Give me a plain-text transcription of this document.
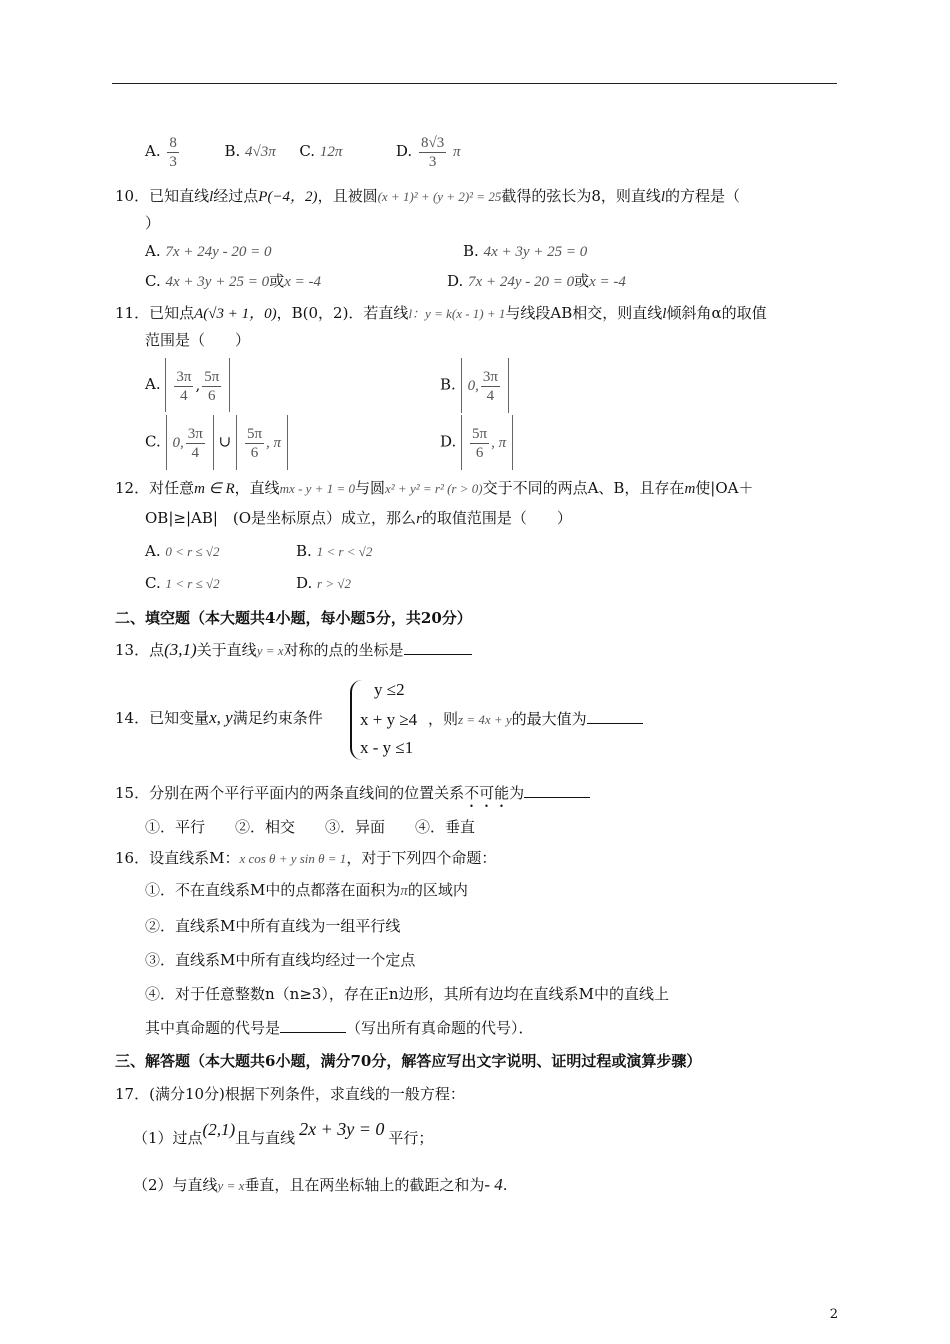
A. $\frac{8}{3}$	B. 4√3π C. 12π	D. $\frac{8√3}{3}$ π
10．已知直线l经过点P(−4，2)，且被圆(x + 1)² + (y + 2)² = 25截得的弦长为8，则直线l的方程是（
）
A. 7x + 24y - 20 = 0	B. 4x + 3y + 25 = 0
C. 4x + 3y + 25 = 0或x = -4	D. 7x + 24y - 20 = 0或x = -4
11．已知点A(√3 + 1，0)，B(0，2)．若直线l：y = k(x - 1) + 1与线段AB相交，则直线l倾斜角α的取值
范围是（　　）
A. $\frac{3\pi}{4}$ , $\frac{5\pi}{6}$	B. 0, $\frac{3\pi}{4}$
C. 0, $\frac{3\pi}{4}$ ∪ $\frac{5\pi}{6}$ , π	D. $\frac{5\pi}{6}$ , π
12．对任意m ∈ R，直线mx - y + 1 = 0与圆x² + y² = r² (r > 0)交于不同的两点A、B，且存在m使|OA＋
OB|≥|AB|　(O是坐标原点）成立，那么r的取值范围是（　　）
A. 0 < r ≤ √2	B. 1 < r < √2
C. 1 < r ≤ √2	D. r > √2
二、填空题（本大题共4小题，每小题5分，共20分）
13．点(3,1)关于直线y = x对称的点的坐标是
14．已知变量x, y满足约束条件
y ≤2
x + y ≥4
x - y ≤1
，则z = 4x + y的最大值为
15．分别在两个平行平面内的两条直线间的位置关系不可能为
①．平行　　②．相交　　③．异面　　④．垂直
16．设直线系M：x cos θ + y sin θ = 1，对于下列四个命题：
①．不在直线系M中的点都落在面积为π的区域内
②．直线系M中所有直线为一组平行线
③．直线系M中所有直线均经过一个定点
④．对于任意整数n（n≥3），存在正n边形，其所有边均在直线系M中的直线上
其中真命题的代号是	（写出所有真命题的代号）．
三、解答题（本大题共6小题，满分70分，解答应写出文字说明、证明过程或演算步骤）
17．(满分10分)根据下列条件，求直线的一般方程：
（1）过点(2,1)且与直线 2x + 3y = 0 平行；
（2）与直线y = x垂直，且在两坐标轴上的截距之和为- 4.
2
